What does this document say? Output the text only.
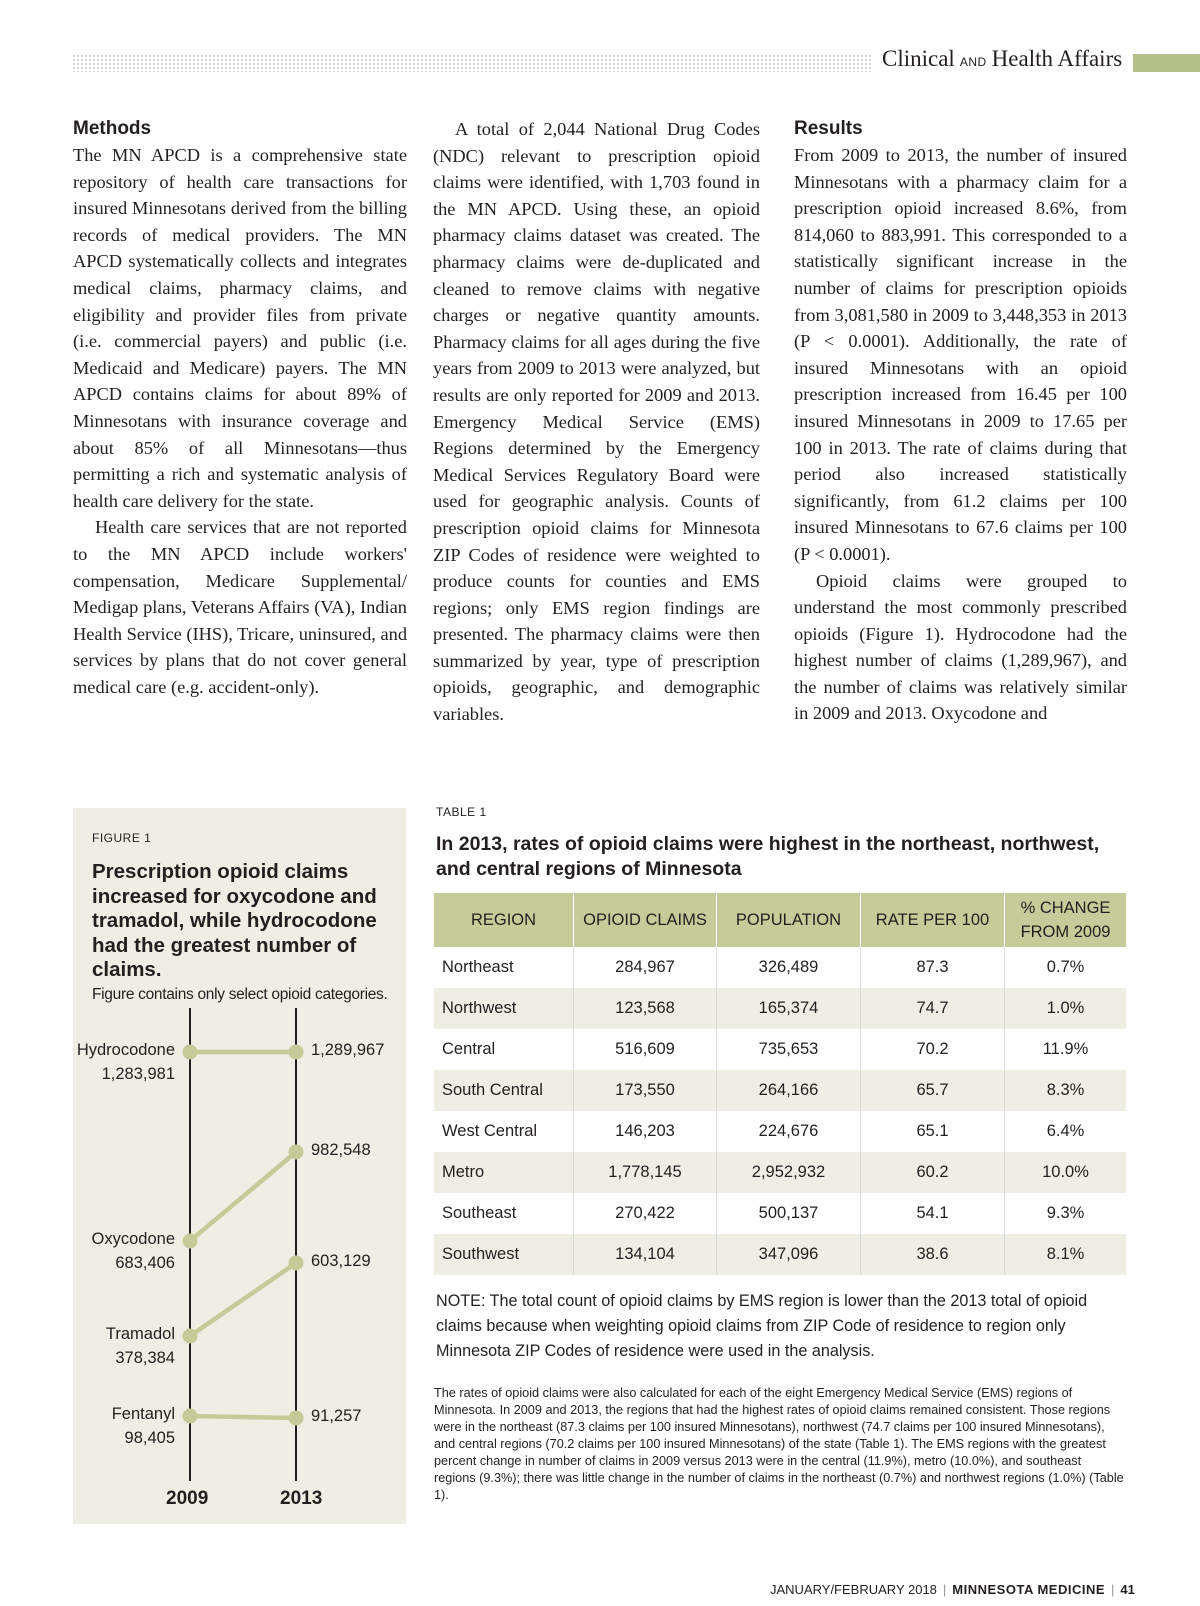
Clinical AND Health Affairs
Methods

The MN APCD is a comprehensive state repository of health care transactions for insured Minnesotans derived from the billing records of medical providers. The MN APCD systematically collects and integrates medical claims, pharmacy claims, and eligibility and provider files from private (i.e. commercial payers) and public (i.e. Medicaid and Medicare) payers. The MN APCD contains claims for about 89% of Minnesotans with insurance coverage and about 85% of all Minnesotans—thus permitting a rich and systematic analysis of health care delivery for the state.

Health care services that are not reported to the MN APCD include workers' compensation, Medicare Supplemental/ Medigap plans, Veterans Affairs (VA), Indian Health Service (IHS), Tricare, uninsured, and services by plans that do not cover general medical care (e.g. accident-only).

A total of 2,044 National Drug Codes (NDC) relevant to prescription opioid claims were identified, with 1,703 found in the MN APCD. Using these, an opioid pharmacy claims dataset was created. The pharmacy claims were de-duplicated and cleaned to remove claims with negative charges or negative quantity amounts. Pharmacy claims for all ages during the five years from 2009 to 2013 were analyzed, but results are only reported for 2009 and 2013. Emergency Medical Service (EMS) Regions determined by the Emergency Medical Services Regulatory Board were used for geographic analysis. Counts of prescription opioid claims for Minnesota ZIP Codes of residence were weighted to produce counts for counties and EMS regions; only EMS region findings are presented. The pharmacy claims were then summarized by year, type of prescription opioids, geographic, and demographic variables.

Results

From 2009 to 2013, the number of insured Minnesotans with a pharmacy claim for a prescription opioid increased 8.6%, from 814,060 to 883,991. This corresponded to a statistically significant increase in the number of claims for prescription opioids from 3,081,580 in 2009 to 3,448,353 in 2013 (P < 0.0001). Additionally, the rate of insured Minnesotans with an opioid prescription increased from 16.45 per 100 insured Minnesotans in 2009 to 17.65 per 100 in 2013. The rate of claims during that period also increased statistically significantly, from 61.2 claims per 100 insured Minnesotans to 67.6 claims per 100 (P < 0.0001).

Opioid claims were grouped to understand the most commonly prescribed opioids (Figure 1). Hydrocodone had the highest number of claims (1,289,967), and the number of claims was relatively similar in 2009 and 2013. Oxycodone and

FIGURE 1
Prescription opioid claims increased for oxycodone and tramadol, while hydrocodone had the greatest number of claims.
Figure contains only select opioid categories.
Hydrocodone
1,283,981
1,289,967
Oxycodone
683,406
982,548
Tramadol
378,384
603,129
Fentanyl
98,405
91,257
2009	2013
TABLE 1
In 2013, rates of opioid claims were highest in the northeast, northwest, and central regions of Minnesota
REGION	OPIOID CLAIMS	POPULATION	RATE PER 100	% CHANGE FROM 2009
Northeast	284,967	326,489	87.3	0.7%
Northwest	123,568	165,374	74.7	1.0%
Central	516,609	735,653	70.2	11.9%
South Central	173,550	264,166	65.7	8.3%
West Central	146,203	224,676	65.1	6.4%
Metro	1,778,145	2,952,932	60.2	10.0%
Southeast	270,422	500,137	54.1	9.3%
Southwest	134,104	347,096	38.6	8.1%
NOTE: The total count of opioid claims by EMS region is lower than the 2013 total of opioid claims because when weighting opioid claims from ZIP Code of residence to region only Minnesota ZIP Codes of residence were used in the analysis.
The rates of opioid claims were also calculated for each of the eight Emergency Medical Service (EMS) regions of Minnesota. In 2009 and 2013, the regions that had the highest rates of opioid claims remained consistent. Those regions were in the northeast (87.3 claims per 100 insured Minnesotans), northwest (74.7 claims per 100 insured Minnesotans), and central regions (70.2 claims per 100 insured Minnesotans) of the state (Table 1). The EMS regions with the greatest percent change in number of claims in 2009 versus 2013 were in the central (11.9%), metro (10.0%), and southeast regions (9.3%); there was little change in the number of claims in the northeast (0.7%) and northwest regions (1.0%) (Table 1).
JANUARY/FEBRUARY 2018 | MINNESOTA MEDICINE | 41
